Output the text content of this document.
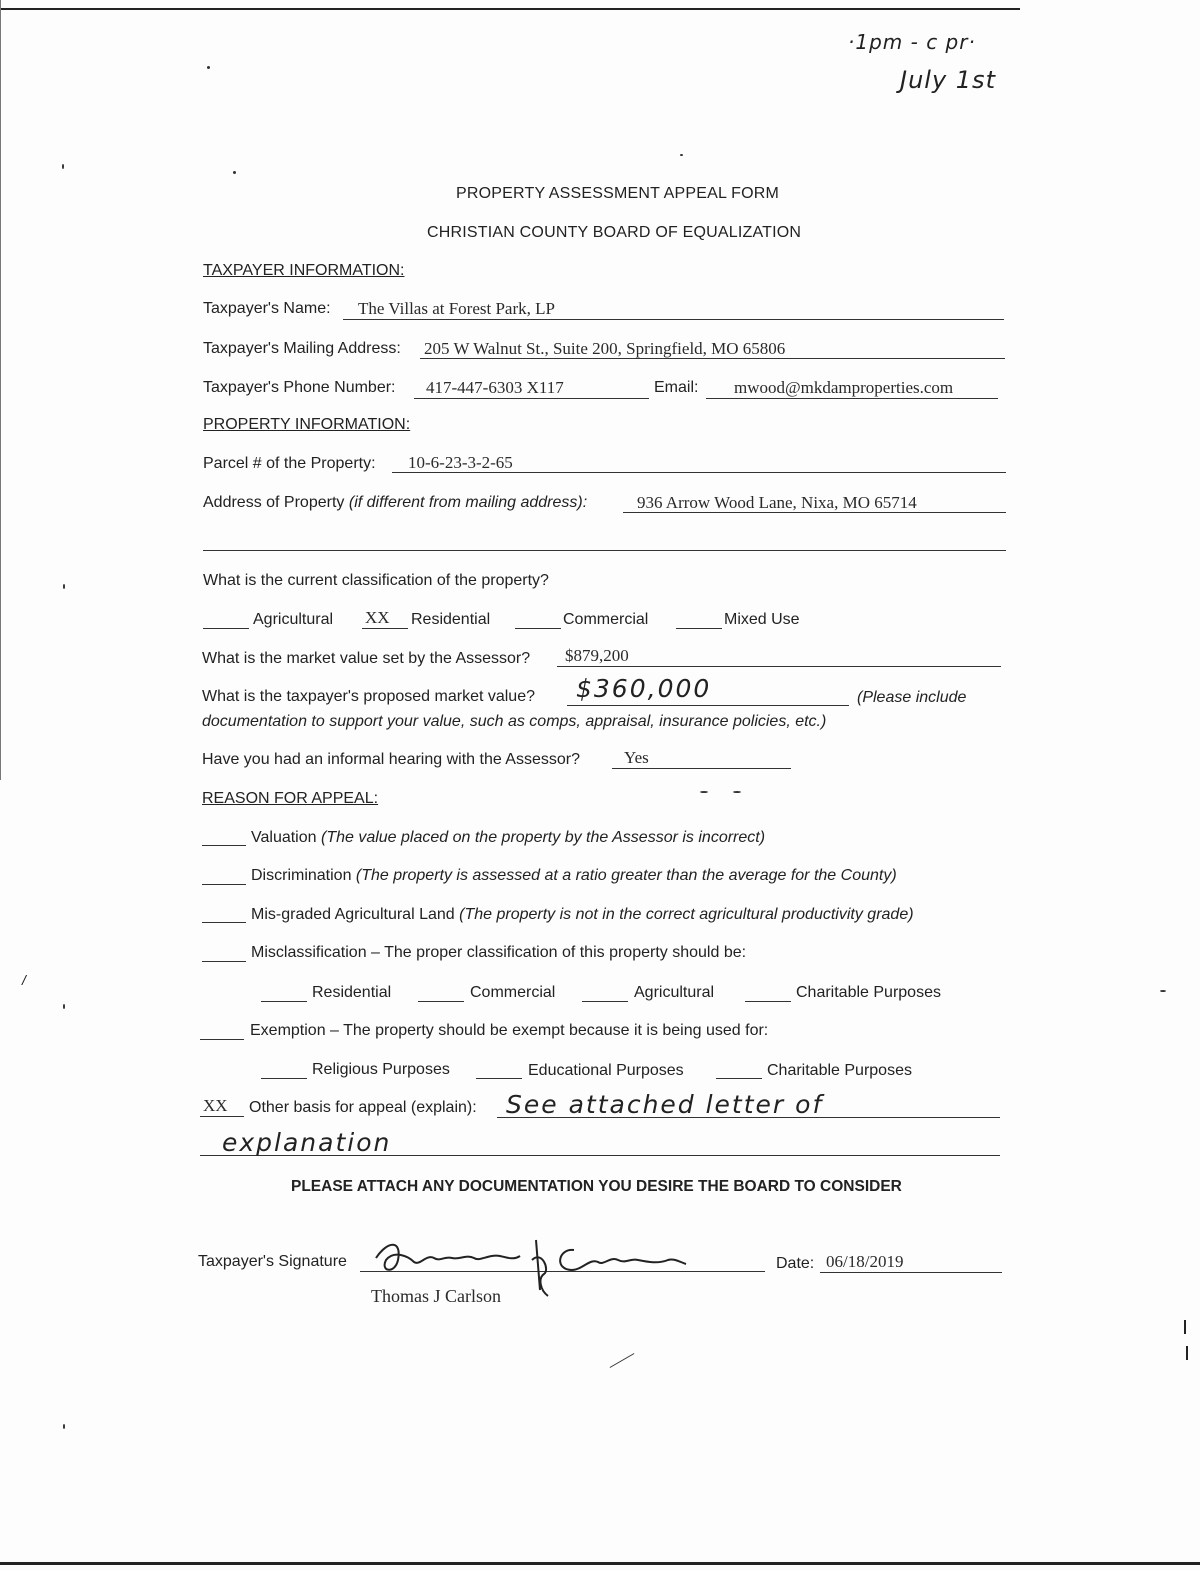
/
·1pm - c pr·
July 1st
PROPERTY ASSESSMENT APPEAL FORM
CHRISTIAN COUNTY BOARD OF EQUALIZATION
TAXPAYER INFORMATION:
Taxpayer's Name: The Villas at Forest Park, LP
Taxpayer's Mailing Address: 205 W Walnut St., Suite 200, Springfield, MO 65806
Taxpayer's Phone Number: 417-447-6303 X117	Email: mwood@mkdamproperties.com
PROPERTY INFORMATION:
Parcel # of the Property: 10-6-23-3-2-65
Address of Property (if different from mailing address):	936 Arrow Wood Lane, Nixa, MO 65714
What is the current classification of the property?
Agricultural XX Residential	Commercial	Mixed Use
What is the market value set by the Assessor? $879,200
What is the taxpayer's proposed market value? $360,000	(Please include
documentation to support your value, such as comps, appraisal, insurance policies, etc.)
Have you had an informal hearing with the Assessor?	Yes
REASON FOR APPEAL:
Valuation (The value placed on the property by the Assessor is incorrect)
Discrimination (The property is assessed at a ratio greater than the average for the County)
Mis-graded Agricultural Land (The property is not in the correct agricultural productivity grade)
Misclassification – The proper classification of this property should be:
Residential	Commercial	Agricultural	Charitable Purposes
Exemption – The property should be exempt because it is being used for:
Religious Purposes	Educational Purposes	Charitable Purposes
XX Other basis for appeal (explain): See attached letter of
explanation
PLEASE ATTACH ANY DOCUMENTATION YOU DESIRE THE BOARD TO CONSIDER
Taxpayer's Signature
Thomas J Carlson
Date: 06/18/2019
